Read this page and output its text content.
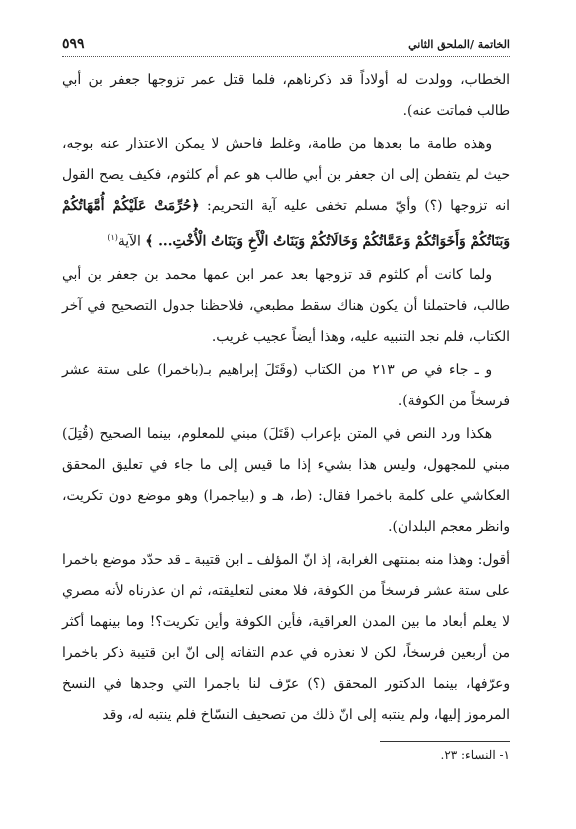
الخاتمة /الملحق الثاني
٥٩٩

الخطاب، وولدت له أولاداً قد ذكرناهم، فلما قتل عمر تزوجها جعفر بن أبي طالب فماتت عنه).

وهذه طامة ما بعدها من طامة، وغلط فاحش لا يمكن الاعتذار عنه بوجه، حيث لم يتفطن إلى ان جعفر بن أبي طالب هو عم أم كلثوم، فكيف يصح القول انه تزوجها (؟) وأيّ مسلم تخفى عليه آية التحريم: ﴿حُرِّمَتْ عَلَيْكُمْ أُمَّهَاتُكُمْ وَبَنَاتُكُمْ وَأَخَوَاتُكُمْ وَعَمَّاتُكُمْ وَخَالَاتُكُمْ وَبَنَاتُ الْأَخِ وَبَنَاتُ الْأُخْتِ... ﴾ الآية$^{(١)}$

ولما كانت أم كلثوم قد تزوجها بعد عمر ابن عمها محمد بن جعفر بن أبي طالب، فاحتملنا أن يكون هناك سقط مطبعي، فلاحظنا جدول التصحيح في آخر الكتاب، فلم نجد التنبيه عليه، وهذا أيضاً عجيب غريب.

و ـ جاء في ص ٢١٣ من الكتاب (وقَتَلَ إبراهيم بـ(باخمرا) على ستة عشر فرسخاً من الكوفة).

هكذا ورد النص في المتن بإعراب (قَتَلَ) مبني للمعلوم، بينما الصحيح (قُتِلَ) مبني للمجهول، وليس هذا بشيء إذا ما قيس إلى ما جاء في تعليق المحقق العكاشي على كلمة باخمرا فقال: (ط، هـ و (بياجمرا) وهو موضع دون تكريت، وانظر معجم البلدان).

أقول: وهذا منه بمنتهى الغرابة، إذ انّ المؤلف ـ ابن قتيبة ـ قد حدّد موضع باخمرا على ستة عشر فرسخاً من الكوفة، فلا معنى لتعليقته، ثم ان عذرناه لأنه مصري لا يعلم أبعاد ما بين المدن العراقية، فأين الكوفة وأين تكريت؟! وما بينهما أكثر من أربعين فرسخاً، لكن لا نعذره في عدم التفاته إلى انّ ابن قتيبة ذكر باخمرا وعرّفها، بينما الدكتور المحقق (؟) عرّف لنا باجمرا التي وجدها في النسخ المرموز إليها، ولم ينتبه إلى انّ ذلك من تصحيف النسّاخ فلم ينتبه له، وقد

١- النساء: ٢٣.
